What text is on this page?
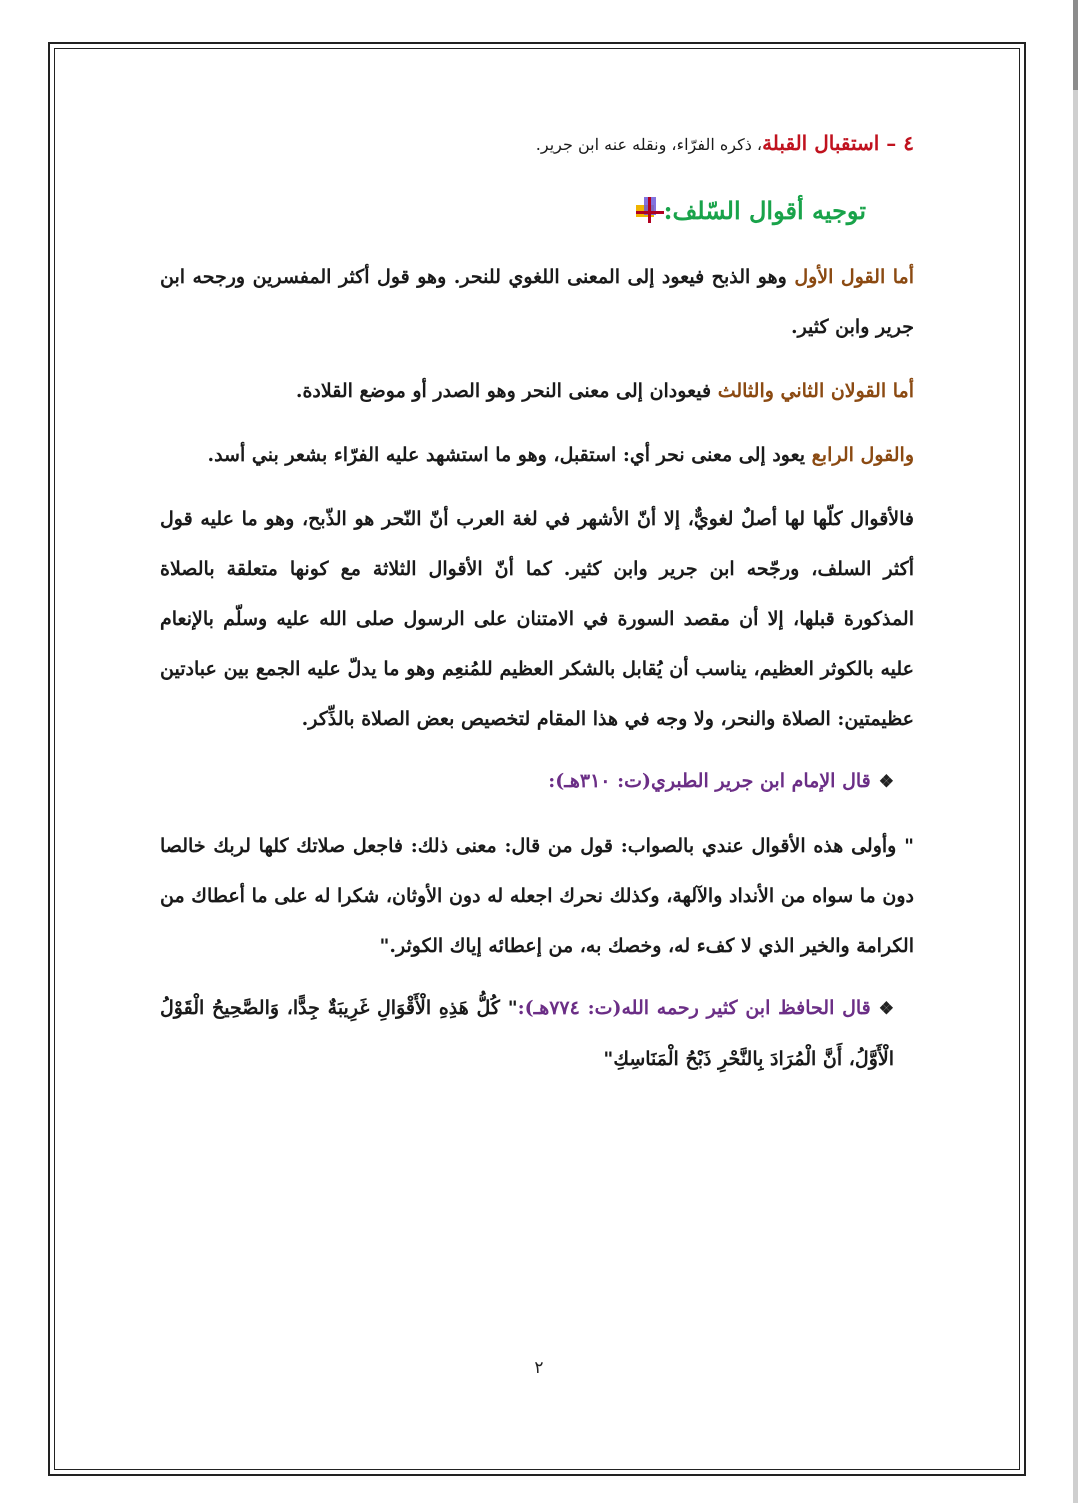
٤ – استقبال القبلة، ذكره الفرّاء، ونقله عنه ابن جرير.
توجيه أقوال السّلف:
أما القول الأول وهو الذبح فيعود إلى المعنى اللغوي للنحر. وهو قول أكثر المفسرين ورجحه ابن جرير وابن كثير.
أما القولان الثاني والثالث فيعودان إلى معنى النحر وهو الصدر أو موضع القلادة.
والقول الرابع يعود إلى معنى نحر أي: استقبل، وهو ما استشهد عليه الفرّاء بشعر بني أسد.
فالأقوال كلّها لها أصلٌ لغويٌّ، إلا أنّ الأشهر في لغة العرب أنّ النّحر هو الذّبح، وهو ما عليه قول أكثر السلف، ورجّحه ابن جرير وابن كثير. كما أنّ الأقوال الثلاثة مع كونها متعلقة بالصلاة المذكورة قبلها، إلا أن مقصد السورة في الامتنان على الرسول صلى الله عليه وسلّم بالإنعام عليه بالكوثر العظيم، يناسب أن يُقابل بالشكر العظيم للمُنعِم وهو ما يدلّ عليه الجمع بين عبادتين عظيمتين: الصلاة والنحر، ولا وجه في هذا المقام لتخصيص بعض الصلاة بالذِّكر.
❖قال الإمام ابن جرير الطبري(ت: ٣١٠هـ):
" وأولى هذه الأقوال عندي بالصواب: قول من قال: معنى ذلك: فاجعل صلاتك كلها لربك خالصا دون ما سواه من الأنداد والآلهة، وكذلك نحرك اجعله له دون الأوثان، شكرا له على ما أعطاك من الكرامة والخير الذي لا كفء له، وخصك به، من إعطائه إياك الكوثر."
❖قال الحافظ ابن كثير رحمه الله(ت: ٧٧٤هـ):" كُلُّ هَذِهِ الْأَقْوَالِ غَرِيبَةٌ جِدًّا، وَالصَّحِيحُ الْقَوْلُ الْأَوَّلُ، أَنَّ الْمُرَادَ بِالنَّحْرِ ذَبْحُ الْمَنَاسِكِ"
٢
